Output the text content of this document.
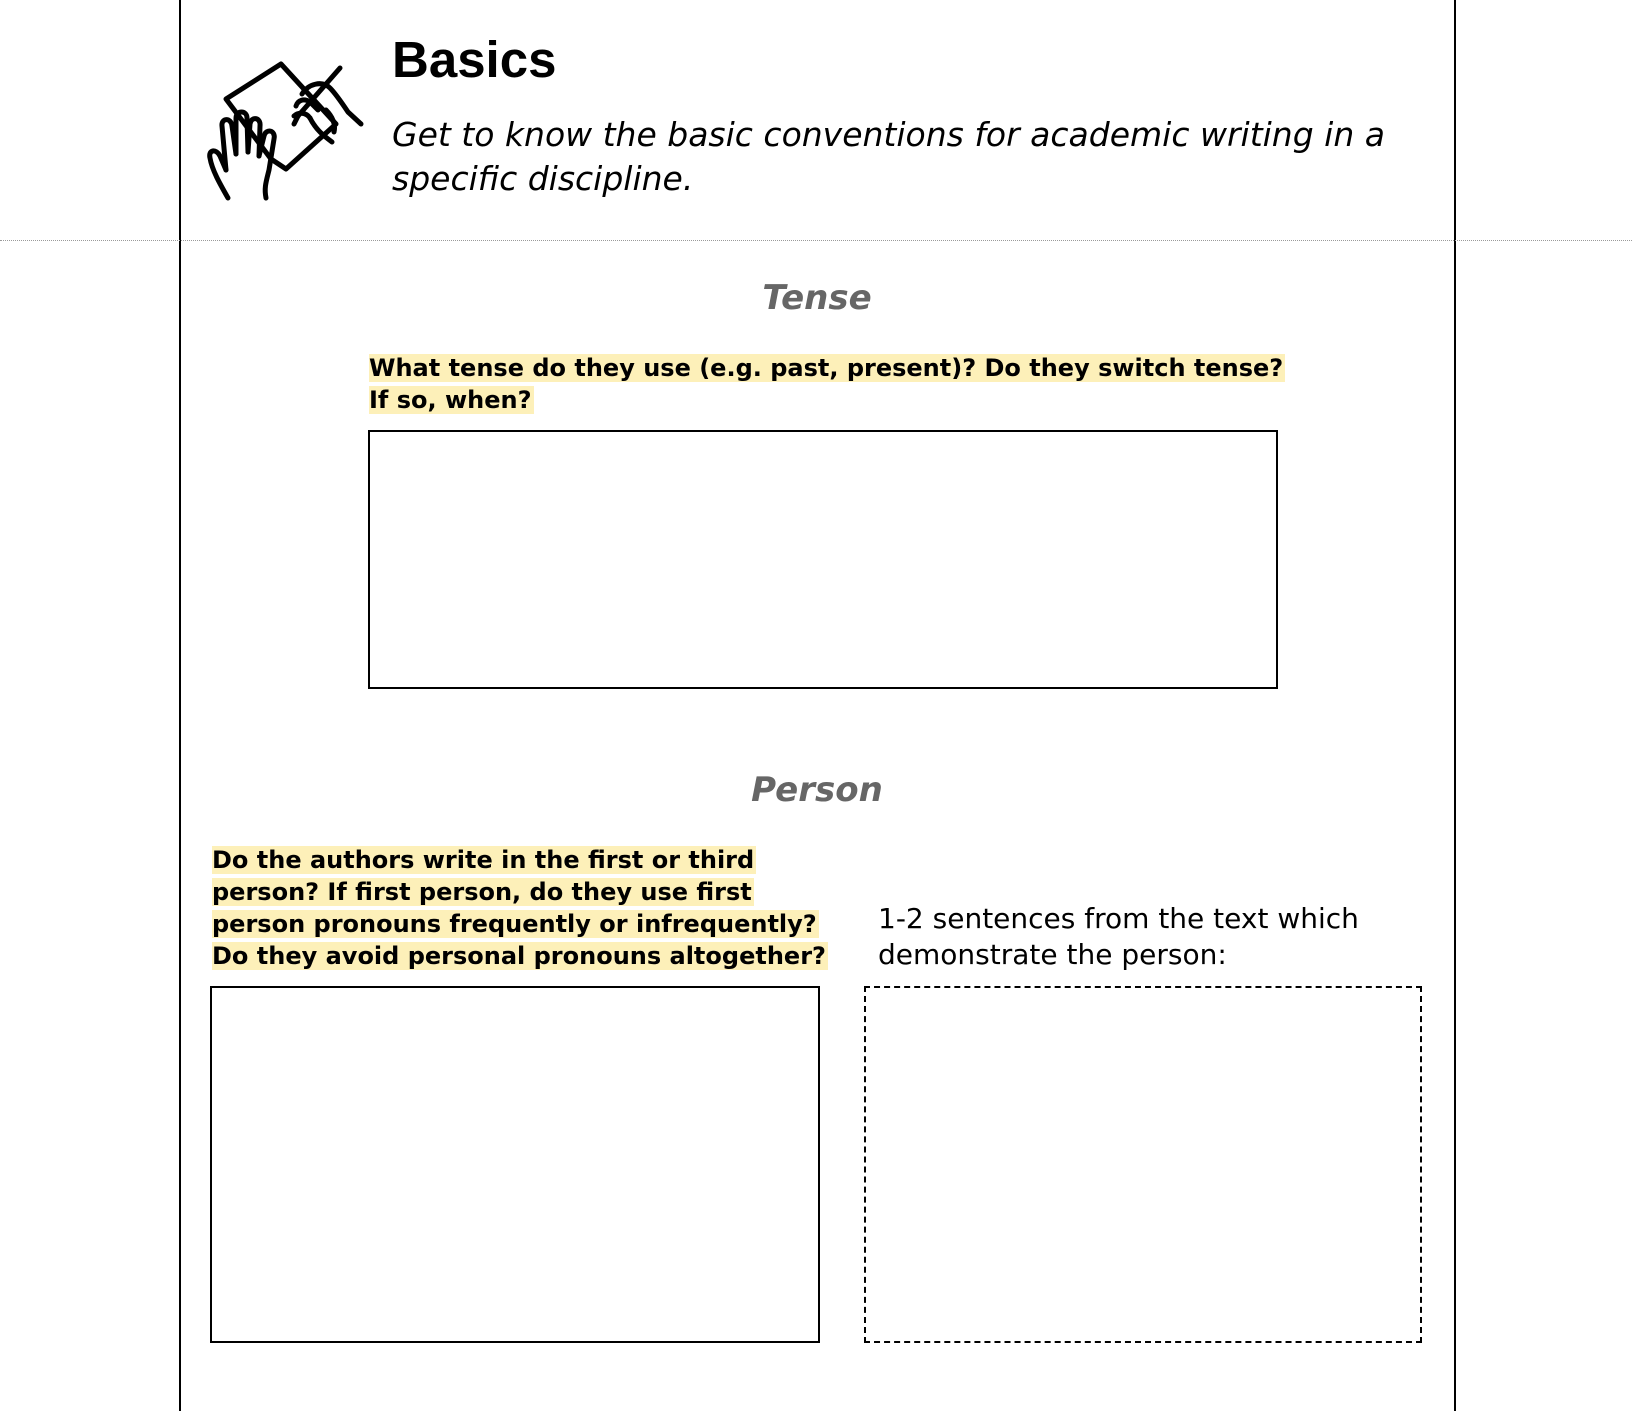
Basics

Get to know the basic conventions for academic writing in a specific discipline.

Tense

What tense do they use (e.g. past, present)? Do they switch tense? If so, when?

Person

Do the authors write in the first or third person? If first person, do they use first person pronouns frequently or infrequently? Do they avoid personal pronouns altogether?

1-2 sentences from the text which demonstrate the person:
